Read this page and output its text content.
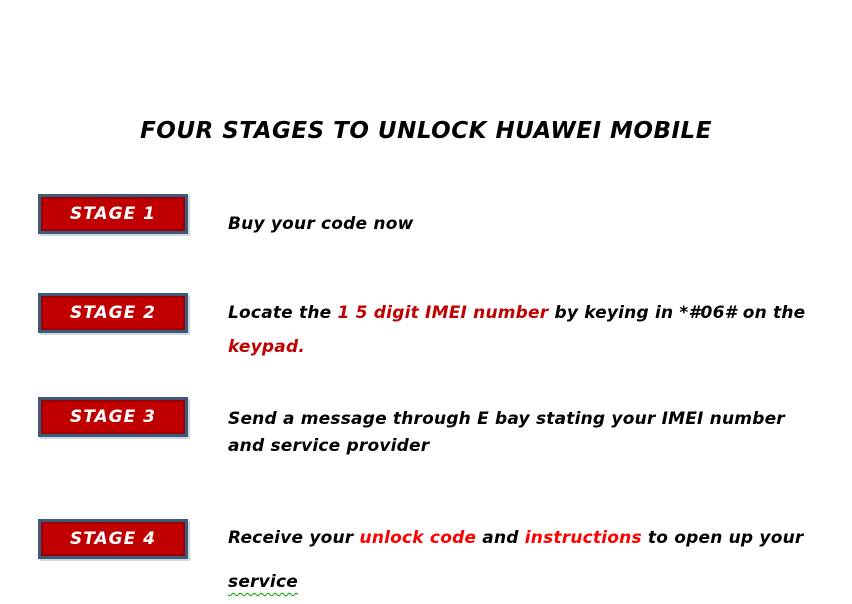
FOUR STAGES TO UNLOCK HUAWEI MOBILE
STAGE 1	Buy your code now
STAGE 2	Locate the 1 5 digit IMEI number by keying in *#06# on the
keypad.
STAGE 3	Send a message through E bay stating your IMEI number
and service provider
STAGE 4	Receive your unlock code and instructions to open up your
service
